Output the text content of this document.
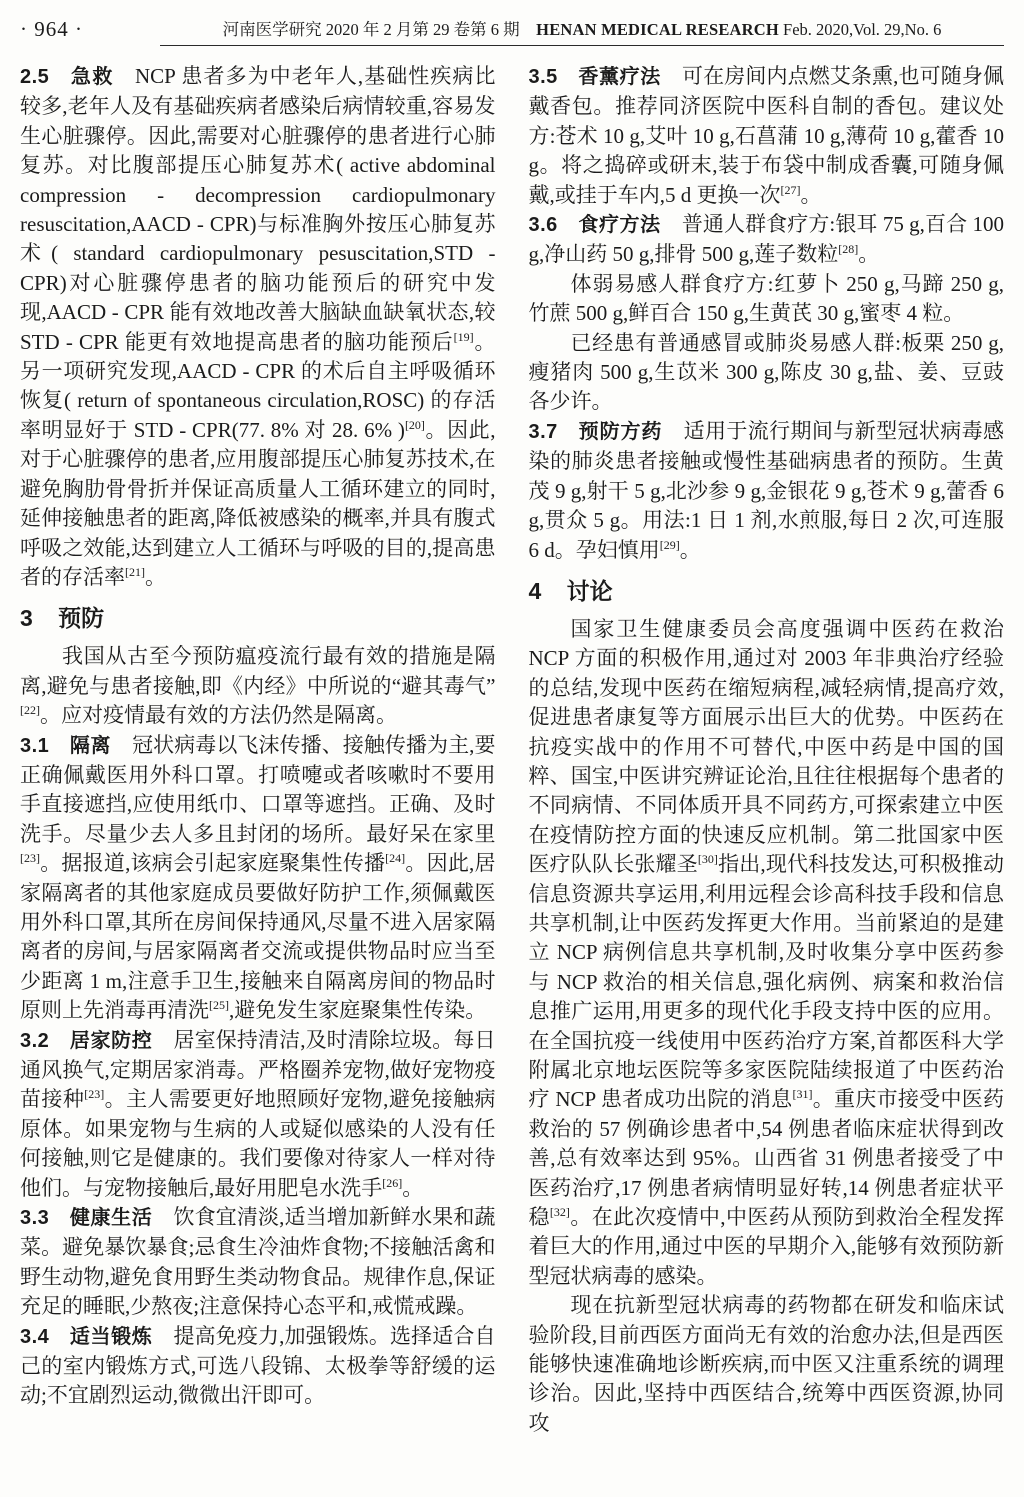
· 964 ·	河南医学研究 2020 年 2 月第 29 卷第 6 期   HENAN MEDICAL RESEARCH Feb. 2020,Vol. 29,No. 6

2.5 急救 NCP 患者多为中老年人,基础性疾病比较多,老年人及有基础疾病者感染后病情较重,容易发生心脏骤停。因此,需要对心脏骤停的患者进行心肺复苏。对比腹部提压心肺复苏术( active abdominal compression - decompression cardiopulmonary resuscitation,AACD - CPR)与标准胸外按压心肺复苏术( standard cardiopulmonary pesuscitation,STD - CPR)对心脏骤停患者的脑功能预后的研究中发现,AACD - CPR 能有效地改善大脑缺血缺氧状态,较 STD - CPR 能更有效地提高患者的脑功能预后[19]。另一项研究发现,AACD - CPR 的术后自主呼吸循环恢复( return of spontaneous circulation,ROSC) 的存活率明显好于 STD - CPR(77. 8% 对 28. 6% )[20]。因此,对于心脏骤停的患者,应用腹部提压心肺复苏技术,在避免胸肋骨骨折并保证高质量人工循环建立的同时,延伸接触患者的距离,降低被感染的概率,并具有腹式呼吸之效能,达到建立人工循环与呼吸的目的,提高患者的存活率[21]。

3 预防

我国从古至今预防瘟疫流行最有效的措施是隔离,避免与患者接触,即《内经》中所说的“避其毒气”[22]。应对疫情最有效的方法仍然是隔离。

3.1 隔离 冠状病毒以飞沫传播、接触传播为主,要正确佩戴医用外科口罩。打喷嚏或者咳嗽时不要用手直接遮挡,应使用纸巾、口罩等遮挡。正确、及时洗手。尽量少去人多且封闭的场所。最好呆在家里[23]。据报道,该病会引起家庭聚集性传播[24]。因此,居家隔离者的其他家庭成员要做好防护工作,须佩戴医用外科口罩,其所在房间保持通风,尽量不进入居家隔离者的房间,与居家隔离者交流或提供物品时应当至少距离 1 m,注意手卫生,接触来自隔离房间的物品时原则上先消毒再清洗[25],避免发生家庭聚集性传染。

3.2 居家防控 居室保持清洁,及时清除垃圾。每日通风换气,定期居家消毒。严格圈养宠物,做好宠物疫苗接种[23]。主人需要更好地照顾好宠物,避免接触病原体。如果宠物与生病的人或疑似感染的人没有任何接触,则它是健康的。我们要像对待家人一样对待他们。与宠物接触后,最好用肥皂水洗手[26]。

3.3 健康生活 饮食宜清淡,适当增加新鲜水果和蔬菜。避免暴饮暴食;忌食生冷油炸食物;不接触活禽和野生动物,避免食用野生类动物食品。规律作息,保证充足的睡眠,少熬夜;注意保持心态平和,戒慌戒躁。

3.4 适当锻炼 提高免疫力,加强锻炼。选择适合自己的室内锻炼方式,可选八段锦、太极拳等舒缓的运动;不宜剧烈运动,微微出汗即可。

3.5 香薰疗法 可在房间内点燃艾条熏,也可随身佩戴香包。推荐同济医院中医科自制的香包。建议处方:苍术 10 g,艾叶 10 g,石菖蒲 10 g,薄荷 10 g,藿香 10 g。将之捣碎或研末,装于布袋中制成香囊,可随身佩戴,或挂于车内,5 d 更换一次[27]。

3.6 食疗方法 普通人群食疗方:银耳 75 g,百合 100 g,净山药 50 g,排骨 500 g,莲子数粒[28]。

体弱易感人群食疗方:红萝卜 250 g,马蹄 250 g,竹蔗 500 g,鲜百合 150 g,生黄芪 30 g,蜜枣 4 粒。

已经患有普通感冒或肺炎易感人群:板栗 250 g,瘦猪肉 500 g,生苡米 300 g,陈皮 30 g,盐、姜、豆豉各少许。

3.7 预防方药 适用于流行期间与新型冠状病毒感染的肺炎患者接触或慢性基础病患者的预防。生黄茂 9 g,射干 5 g,北沙参 9 g,金银花 9 g,苍术 9 g,蕾香 6 g,贯众 5 g。用法:1 日 1 剂,水煎服,每日 2 次,可连服 6 d。孕妇慎用[29]。

4 讨论

国家卫生健康委员会高度强调中医药在救治 NCP 方面的积极作用,通过对 2003 年非典治疗经验的总结,发现中医药在缩短病程,减轻病情,提高疗效,促进患者康复等方面展示出巨大的优势。中医药在抗疫实战中的作用不可替代,中医中药是中国的国粹、国宝,中医讲究辨证论治,且往往根据每个患者的不同病情、不同体质开具不同药方,可探索建立中医在疫情防控方面的快速反应机制。第二批国家中医医疗队队长张耀圣[30]指出,现代科技发达,可积极推动信息资源共享运用,利用远程会诊高科技手段和信息共享机制,让中医药发挥更大作用。当前紧迫的是建立 NCP 病例信息共享机制,及时收集分享中医药参与 NCP 救治的相关信息,强化病例、病案和救治信息推广运用,用更多的现代化手段支持中医的应用。在全国抗疫一线使用中医药治疗方案,首都医科大学附属北京地坛医院等多家医院陆续报道了中医药治疗 NCP 患者成功出院的消息[31]。重庆市接受中医药救治的 57 例确诊患者中,54 例患者临床症状得到改善,总有效率达到 95%。山西省 31 例患者接受了中医药治疗,17 例患者病情明显好转,14 例患者症状平稳[32]。在此次疫情中,中医药从预防到救治全程发挥着巨大的作用,通过中医的早期介入,能够有效预防新型冠状病毒的感染。

现在抗新型冠状病毒的药物都在研发和临床试验阶段,目前西医方面尚无有效的治愈办法,但是西医能够快速准确地诊断疾病,而中医又注重系统的调理诊治。因此,坚持中西医结合,统筹中西医资源,协同攻
